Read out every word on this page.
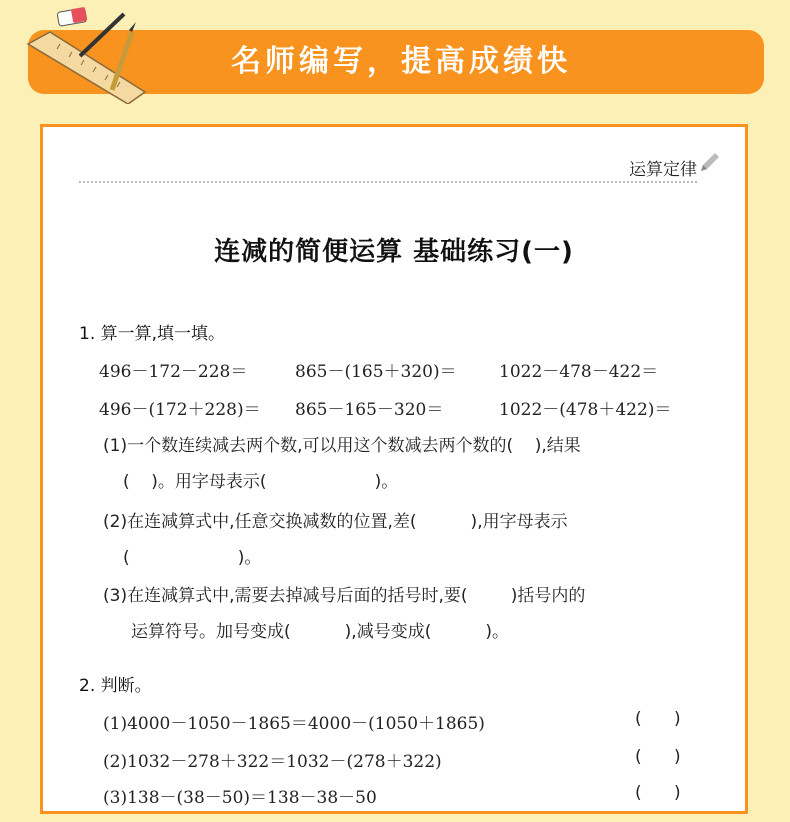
名师编写，提高成绩快
运算定律
连减的简便运算 基础练习(一)
1. 算一算,填一填。
496－172－228＝	865－(165＋320)＝ 1022－478－422＝
496－(172＋228)＝ 865－165－320＝	1022－(478＋422)＝
(1)一个数连续减去两个数,可以用这个数减去两个数的(    ),结果
(    )。用字母表示(                    )。
(2)在连减算式中,任意交换减数的位置,差(          ),用字母表示
(                    )。
(3)在连减算式中,需要去掉减号后面的括号时,要(        )括号内的
运算符号。加号变成(          ),减号变成(          )。
2. 判断。
(1)4000－1050－1865＝4000－(1050＋1865)	(      )
(2)1032－278＋322＝1032－(278＋322)	(      )
(3)138－(38－50)＝138－38－50	(      )
